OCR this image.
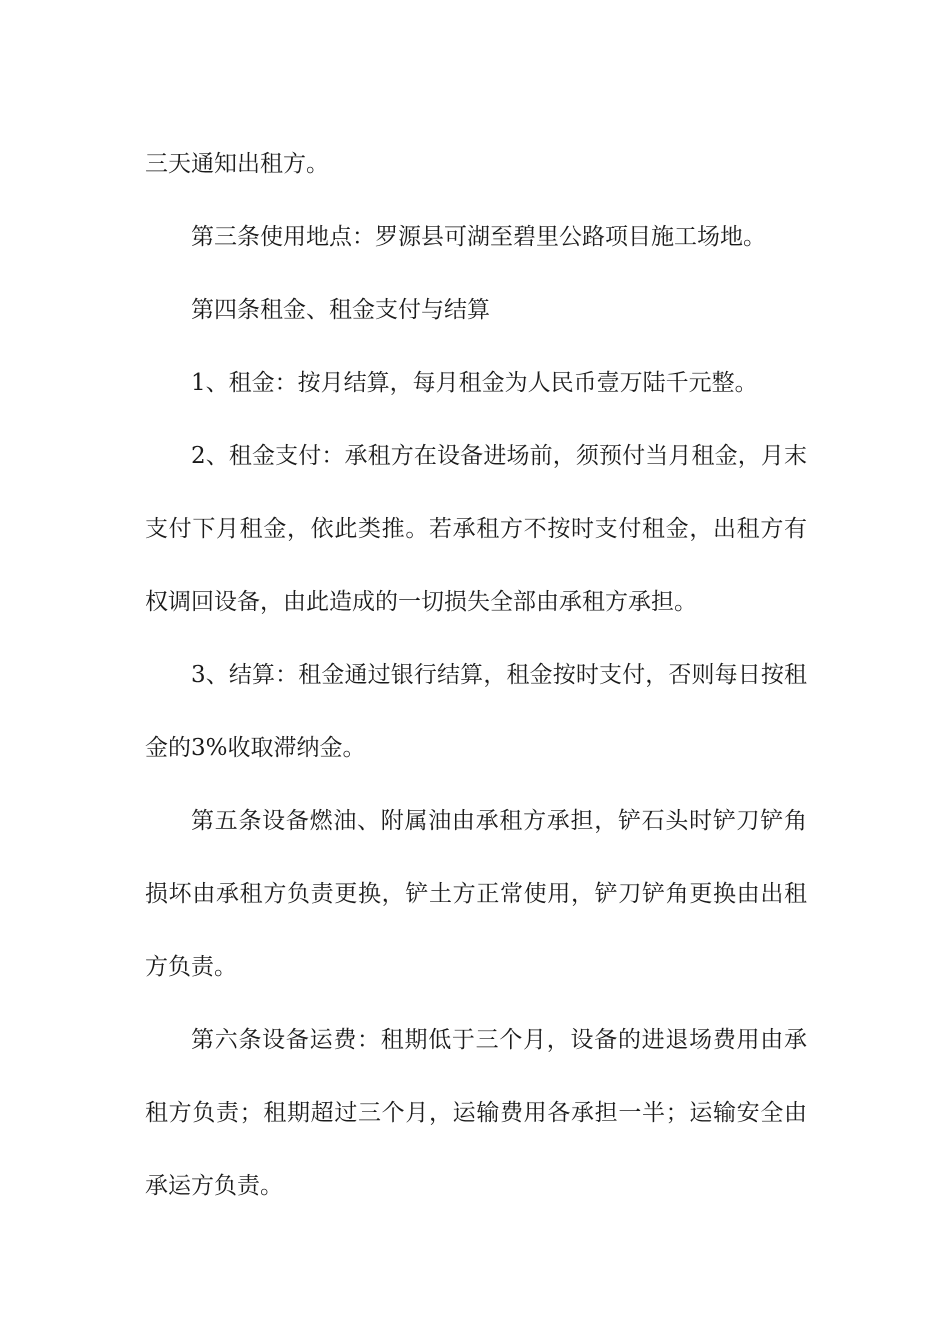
三天通知出租方。

第三条使用地点：罗源县可湖至碧里公路项目施工场地。

第四条租金、租金支付与结算

1、租金：按月结算，每月租金为人民币壹万陆千元整。

2、租金支付：承租方在设备进场前，须预付当月租金，月末支付下月租金，依此类推。若承租方不按时支付租金，出租方有权调回设备，由此造成的一切损失全部由承租方承担。

3、结算：租金通过银行结算，租金按时支付，否则每日按租金的3%收取滞纳金。

第五条设备燃油、附属油由承租方承担，铲石头时铲刀铲角损坏由承租方负责更换，铲土方正常使用，铲刀铲角更换由出租方负责。

第六条设备运费：租期低于三个月，设备的进退场费用由承租方负责；租期超过三个月，运输费用各承担一半；运输安全由承运方负责。
